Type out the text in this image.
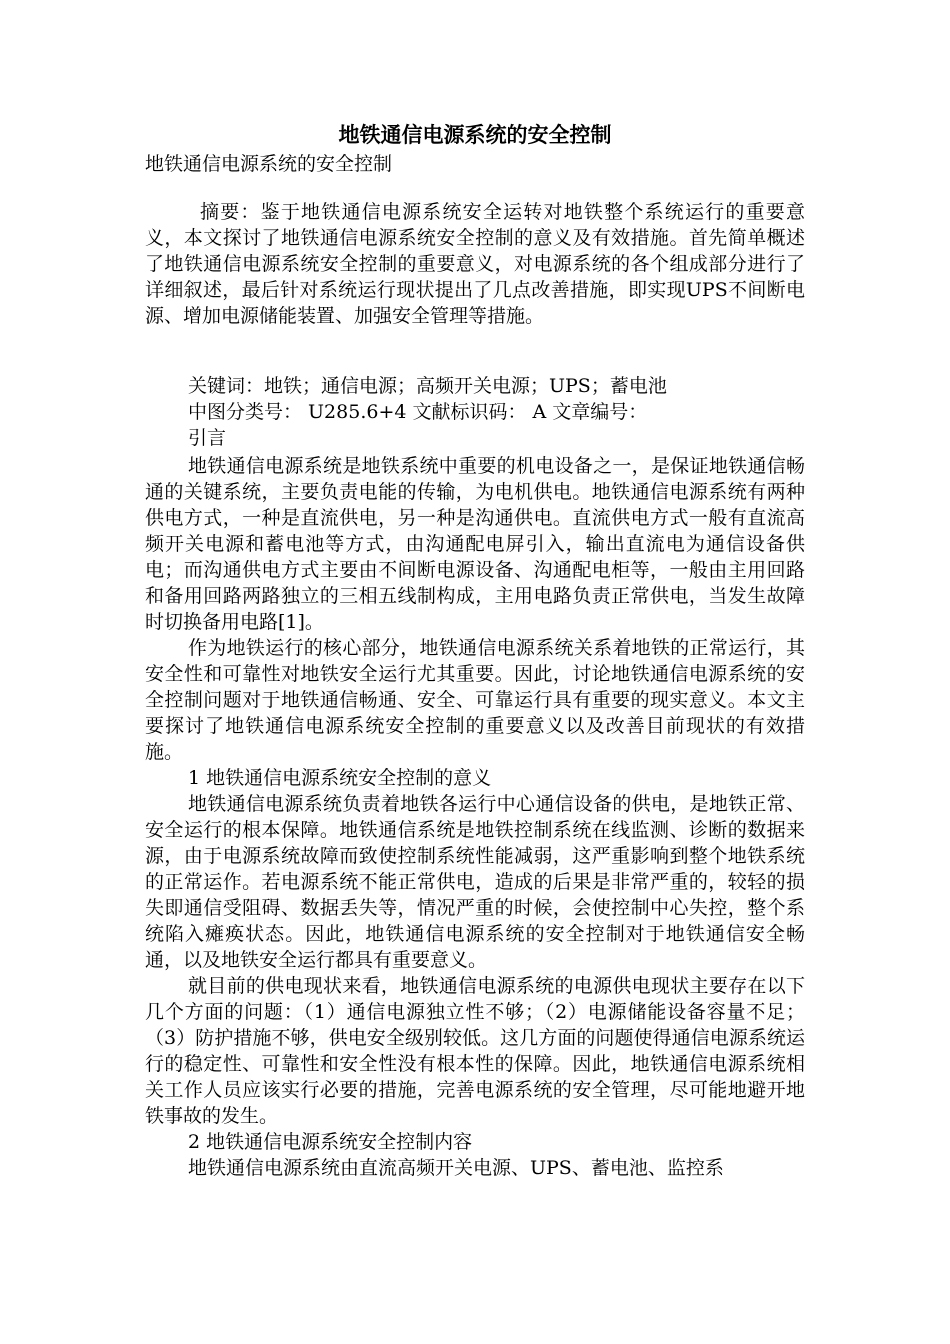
地铁通信电源系统的安全控制
地铁通信电源系统的安全控制
摘要：鉴于地铁通信电源系统安全运转对地铁整个系统运行的重要意义，本文探讨了地铁通信电源系统安全控制的意义及有效措施。首先简单概述了地铁通信电源系统安全控制的重要意义，对电源系统的各个组成部分进行了详细叙述，最后针对系统运行现状提出了几点改善措施，即实现UPS不间断电源、增加电源储能装置、加强安全管理等措施。
关键词：地铁；通信电源；高频开关电源；UPS；蓄电池
中图分类号： U285.6+4 文献标识码： A 文章编号：
引言

地铁通信电源系统是地铁系统中重要的机电设备之一，是保证地铁通信畅通的关键系统，主要负责电能的传输，为电机供电。地铁通信电源系统有两种供电方式，一种是直流供电，另一种是沟通供电。直流供电方式一般有直流高频开关电源和蓄电池等方式，由沟通配电屏引入，输出直流电为通信设备供电；而沟通供电方式主要由不间断电源设备、沟通配电柜等，一般由主用回路和备用回路两路独立的三相五线制构成，主用电路负责正常供电，当发生故障时切换备用电路[1]。

作为地铁运行的核心部分，地铁通信电源系统关系着地铁的正常运行，其安全性和可靠性对地铁安全运行尤其重要。因此，讨论地铁通信电源系统的安全控制问题对于地铁通信畅通、安全、可靠运行具有重要的现实意义。本文主要探讨了地铁通信电源系统安全控制的重要意义以及改善目前现状的有效措施。

1 地铁通信电源系统安全控制的意义

地铁通信电源系统负责着地铁各运行中心通信设备的供电，是地铁正常、安全运行的根本保障。地铁通信系统是地铁控制系统在线监测、诊断的数据来源，由于电源系统故障而致使控制系统性能减弱，这严重影响到整个地铁系统的正常运作。若电源系统不能正常供电，造成的后果是非常严重的，较轻的损失即通信受阻碍、数据丢失等，情况严重的时候，会使控制中心失控，整个系统陷入瘫痪状态。因此，地铁通信电源系统的安全控制对于地铁通信安全畅通，以及地铁安全运行都具有重要意义。

就目前的供电现状来看，地铁通信电源系统的电源供电现状主要存在以下几个方面的问题：（1）通信电源独立性不够；（2）电源储能设备容量不足；（3）防护措施不够，供电安全级别较低。这几方面的问题使得通信电源系统运行的稳定性、可靠性和安全性没有根本性的保障。因此，地铁通信电源系统相关工作人员应该实行必要的措施，完善电源系统的安全管理，尽可能地避开地铁事故的发生。

2 地铁通信电源系统安全控制内容

地铁通信电源系统由直流高频开关电源、UPS、蓄电池、监控系
